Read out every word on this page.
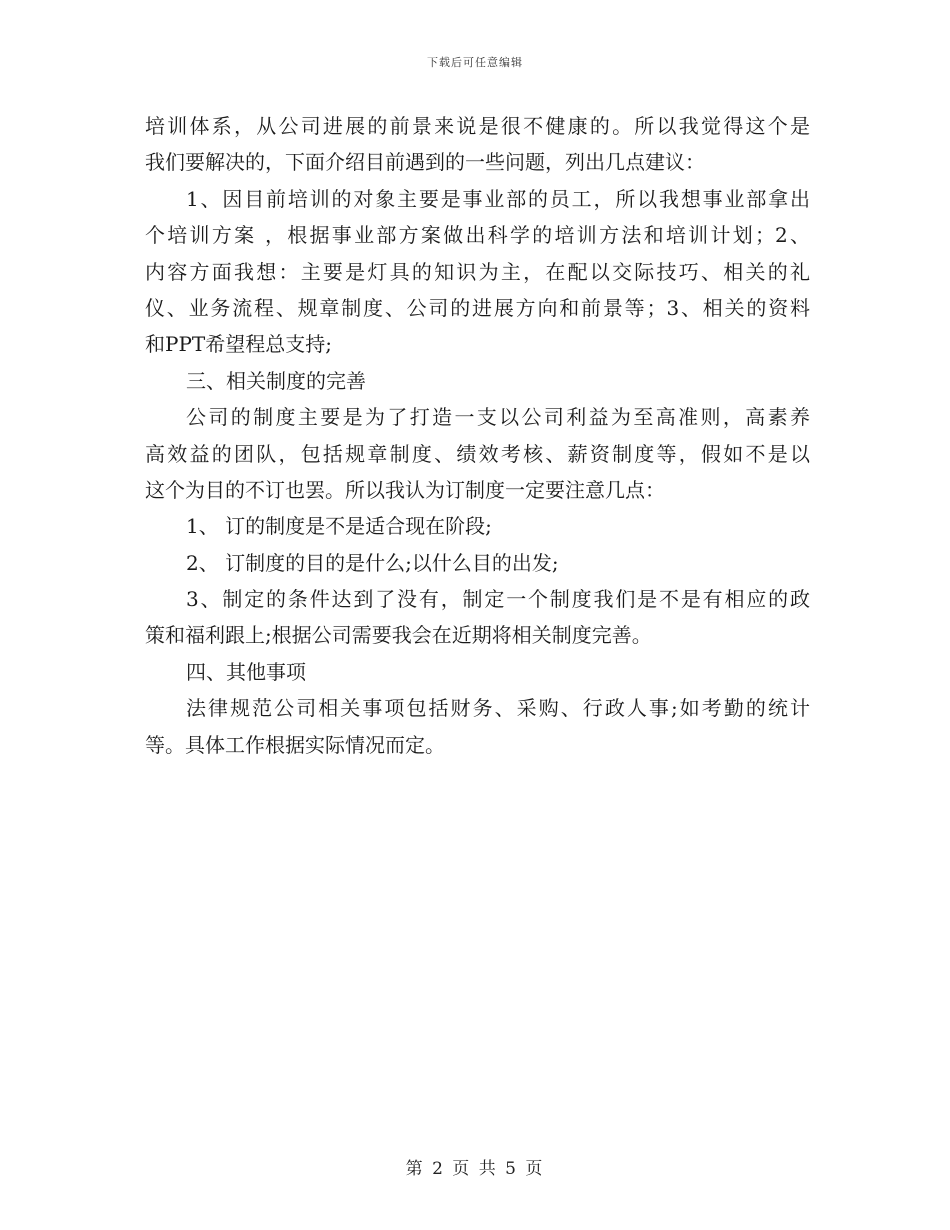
下载后可任意编辑
培训体系，从公司进展的前景来说是很不健康的。所以我觉得这个是
我们要解决的，下面介绍目前遇到的一些问题，列出几点建议：
1、因目前培训的对象主要是事业部的员工，所以我想事业部拿出
个培训方案 ，根据事业部方案做出科学的培训方法和培训计划；2、
内容方面我想：主要是灯具的知识为主，在配以交际技巧、相关的礼
仪、业务流程、规章制度、公司的进展方向和前景等；3、相关的资料
和PPT希望程总支持;
三、相关制度的完善
公司的制度主要是为了打造一支以公司利益为至高准则，高素养
高效益的团队，包括规章制度、绩效考核、薪资制度等，假如不是以
这个为目的不订也罢。所以我认为订制度一定要注意几点：
1、 订的制度是不是适合现在阶段;
2、 订制度的目的是什么;以什么目的出发;
3、制定的条件达到了没有，制定一个制度我们是不是有相应的政
策和福利跟上;根据公司需要我会在近期将相关制度完善。
四、其他事项
法律规范公司相关事项包括财务、采购、行政人事;如考勤的统计
等。具体工作根据实际情况而定。
第 2 页 共 5 页
